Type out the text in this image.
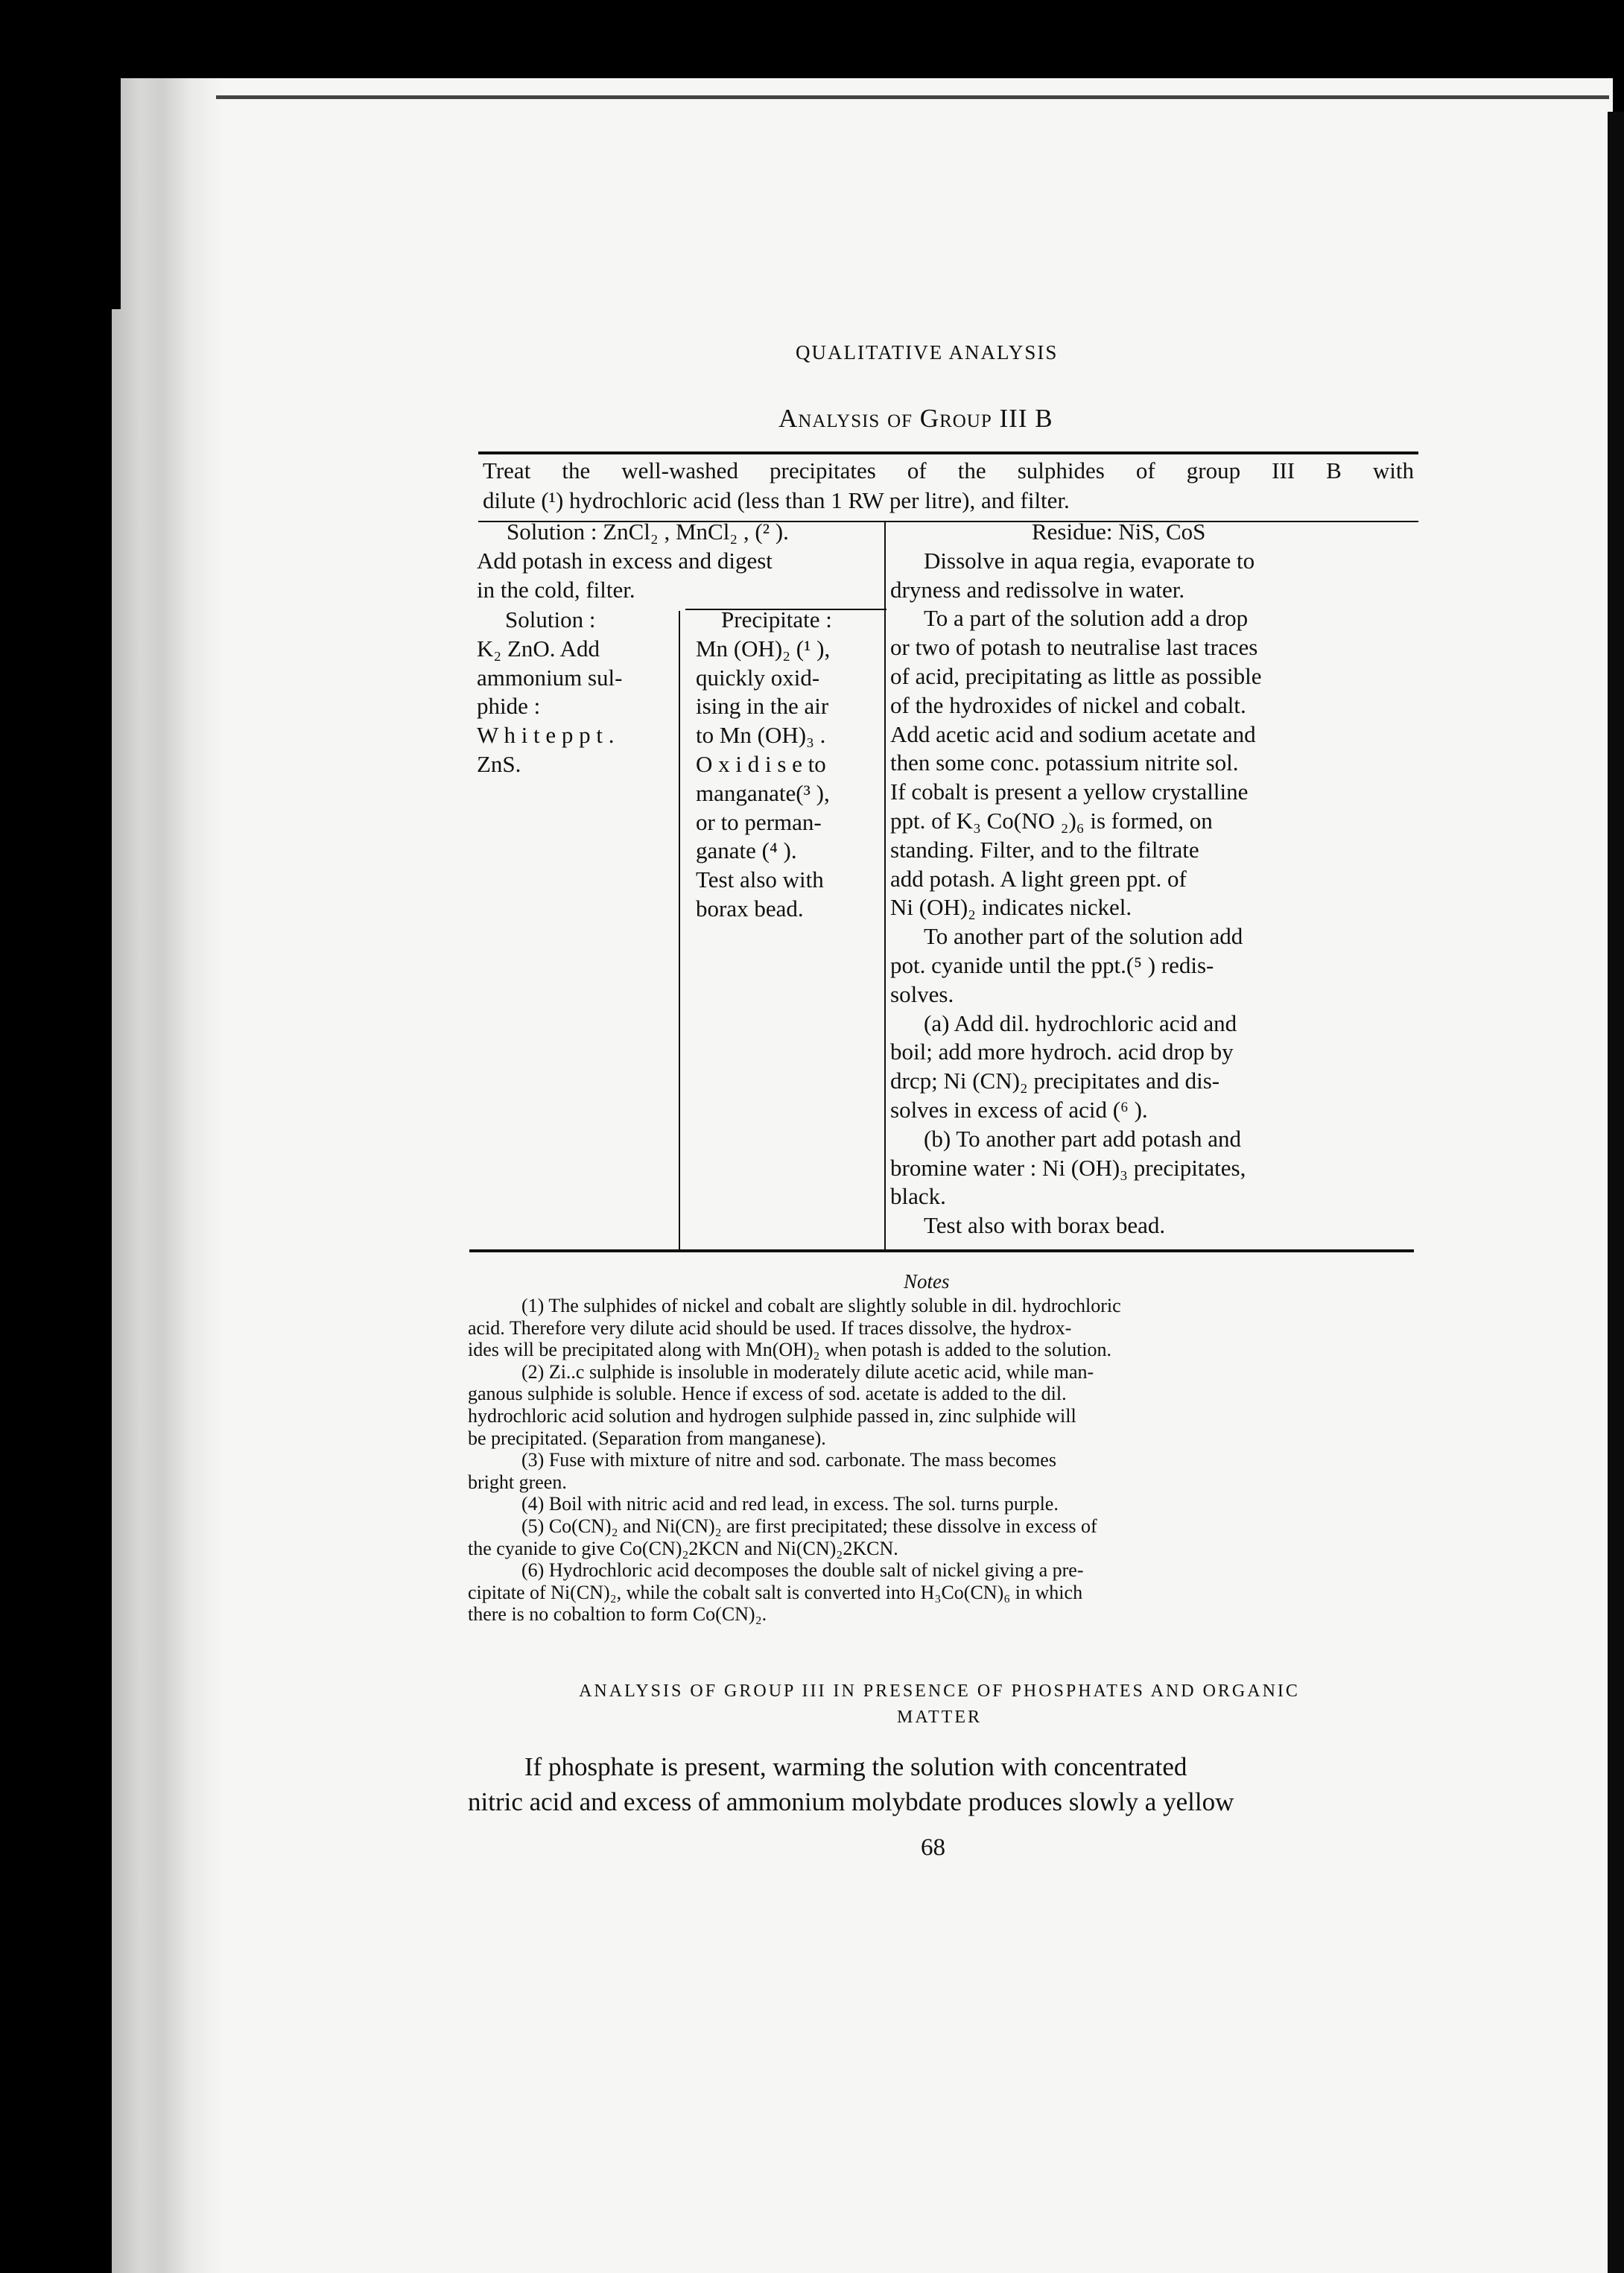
QUALITATIVE ANALYSIS
Analysis of Group III B
Treat the well-washed precipitates of the sulphides of group III B with
dilute (¹) hydrochloric acid (less than 1 RW per litre), and filter.
Solution : ZnCl₂ , MnCl₂ , (² ).
Add potash in excess and digest
in the cold, filter.
Solution :
K₂ ZnO. Add
ammonium sul-
phide :
W h i t e p p t .
ZnS.
Precipitate :
Mn (OH)₂ (¹ ),
quickly oxid-
ising in the air
to Mn (OH)₃ .
O x i d i s e to
manganate(³ ),
or to perman-
ganate (⁴ ).
Test also with
borax bead.
Residue: NiS, CoS
Dissolve in aqua regia, evaporate to
dryness and redissolve in water.
To a part of the solution add a drop
or two of potash to neutralise last traces
of acid, precipitating as little as possible
of the hydroxides of nickel and cobalt.
Add acetic acid and sodium acetate and
then some conc. potassium nitrite sol.
If cobalt is present a yellow crystalline
ppt. of K₃ Co(NO ₂)₆ is formed, on
standing. Filter, and to the filtrate
add potash. A light green ppt. of
Ni (OH)₂ indicates nickel.
To another part of the solution add
pot. cyanide until the ppt.(⁵ ) redis-
solves.
(a) Add dil. hydrochloric acid and
boil; add more hydroch. acid drop by
drcp; Ni (CN)₂ precipitates and dis-
solves in excess of acid (⁶ ).
(b) To another part add potash and
bromine water : Ni (OH)₃ precipitates,
black.
Test also with borax bead.
Notes
(1) The sulphides of nickel and cobalt are slightly soluble in dil. hydrochloric
acid. Therefore very dilute acid should be used. If traces dissolve, the hydrox-
ides will be precipitated along with Mn(OH)₂ when potash is added to the solution.
(2) Zi..c sulphide is insoluble in moderately dilute acetic acid, while man-
ganous sulphide is soluble. Hence if excess of sod. acetate is added to the dil.
hydrochloric acid solution and hydrogen sulphide passed in, zinc sulphide will
be precipitated. (Separation from manganese).
(3) Fuse with mixture of nitre and sod. carbonate. The mass becomes
bright green.
(4) Boil with nitric acid and red lead, in excess. The sol. turns purple.
(5) Co(CN)₂ and Ni(CN)₂ are first precipitated; these dissolve in excess of
the cyanide to give Co(CN)₂2KCN and Ni(CN)₂2KCN.
(6) Hydrochloric acid decomposes the double salt of nickel giving a pre-
cipitate of Ni(CN)₂, while the cobalt salt is converted into H₃Co(CN)₆ in which
there is no cobaltion to form Co(CN)₂.
ANALYSIS OF GROUP III IN PRESENCE OF PHOSPHATES AND ORGANIC
MATTER
If phosphate is present, warming the solution with concentrated
nitric acid and excess of ammonium molybdate produces slowly a yellow
68
